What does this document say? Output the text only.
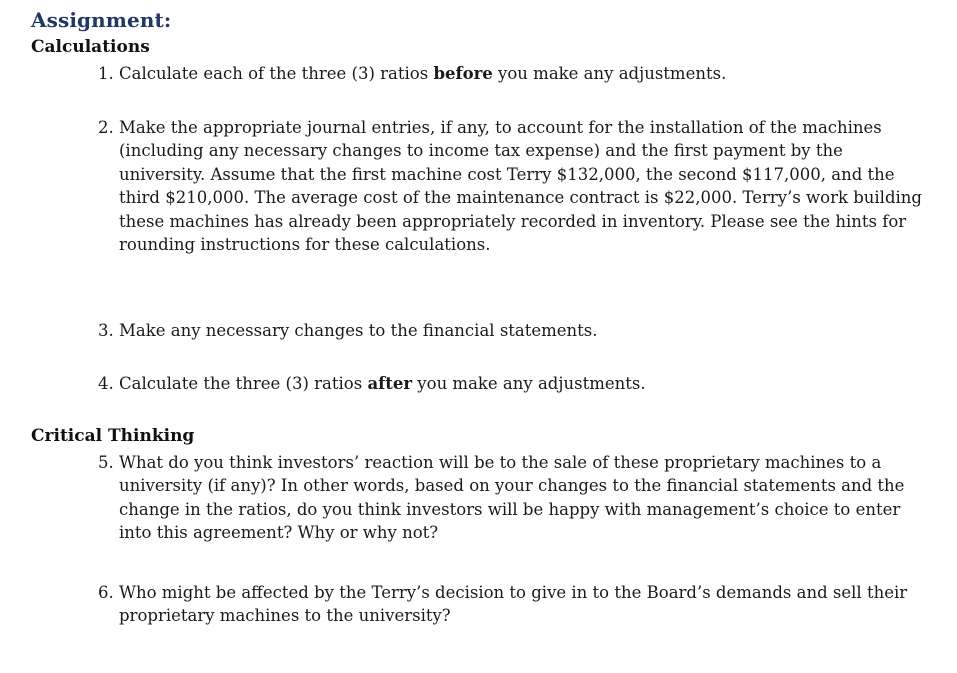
Assignment:
Calculations
1. Calculate each of the three (3) ratios before you make any adjustments.
2. Make the appropriate journal entries, if any, to account for the installation of the machines (including any necessary changes to income tax expense) and the first payment by the university. Assume that the first machine cost Terry $132,000, the second $117,000, and the third $210,000. The average cost of the maintenance contract is $22,000. Terry’s work building these machines has already been appropriately recorded in inventory. Please see the hints for rounding instructions for these calculations.
3. Make any necessary changes to the financial statements.
4. Calculate the three (3) ratios after you make any adjustments.
Critical Thinking
5. What do you think investors’ reaction will be to the sale of these proprietary machines to a university (if any)? In other words, based on your changes to the financial statements and the change in the ratios, do you think investors will be happy with management’s choice to enter into this agreement? Why or why not?
6. Who might be affected by the Terry’s decision to give in to the Board’s demands and sell their proprietary machines to the university?
